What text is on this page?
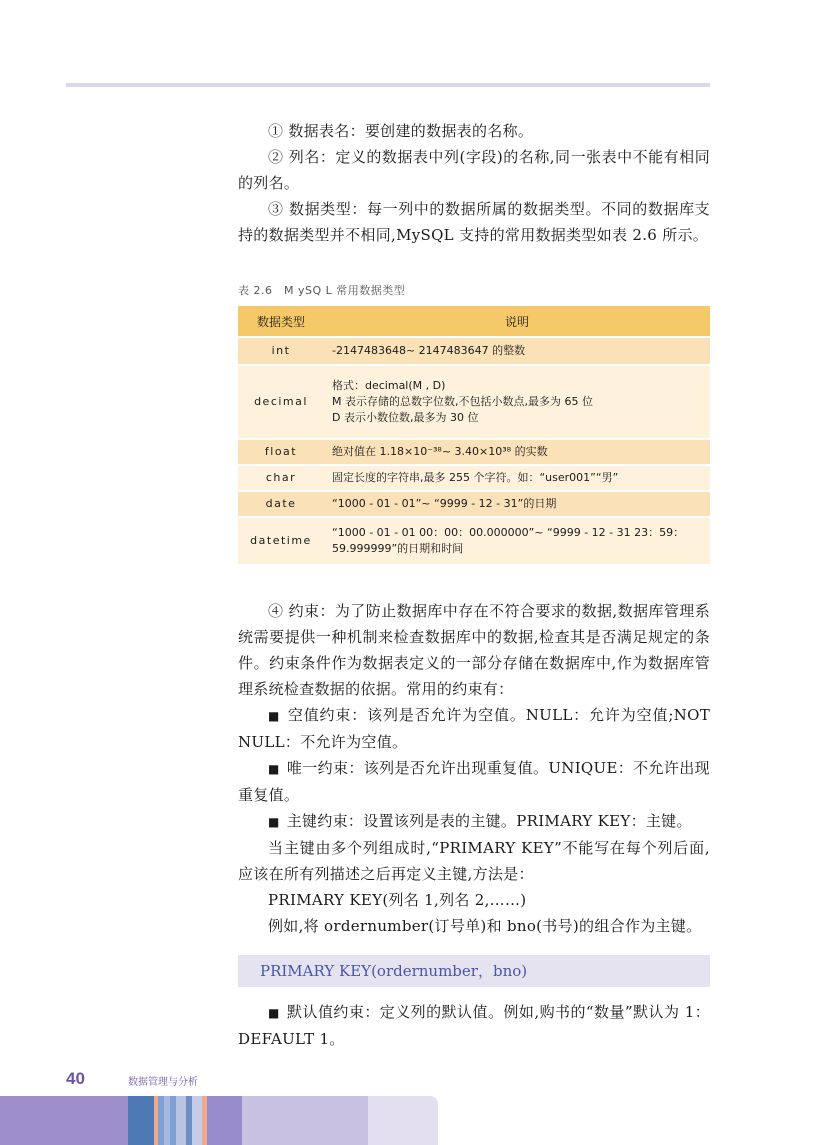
① 数据表名：要创建的数据表的名称。

② 列名：定义的数据表中列(字段)的名称,同一张表中不能有相同的列名。

③ 数据类型：每一列中的数据所属的数据类型。不同的数据库支持的数据类型并不相同,MySQL 支持的常用数据类型如表 2.6 所示。

表 2.6　M ySQ L 常用数据类型
数据类型	说明
int	-2147483648~ 2147483647 的整数
decimal	格式：decimal(M , D)
M 表示存储的总数字位数,不包括小数点,最多为 65 位
D 表示小数位数,最多为 30 位
float	绝对值在 1.18×10⁻³⁸~ 3.40×10³⁸ 的实数
char	固定长度的字符串,最多 255 个字符。如：“user001”“男”
date	“1000 - 01 - 01”~ “9999 - 12 - 31”的日期
datetime	“1000 - 01 - 01 00：00：00.000000”~ “9999 - 12 - 31 23：59：59.999999”的日期和时间

④ 约束：为了防止数据库中存在不符合要求的数据,数据库管理系统需要提供一种机制来检查数据库中的数据,检查其是否满足规定的条件。约束条件作为数据表定义的一部分存储在数据库中,作为数据库管理系统检查数据的依据。常用的约束有：

■ 空值约束：该列是否允许为空值。NULL：允许为空值;NOT NULL：不允许为空值。

■ 唯一约束：该列是否允许出现重复值。UNIQUE：不允许出现重复值。

■ 主键约束：设置该列是表的主键。PRIMARY KEY：主键。

当主键由多个列组成时,“PRIMARY KEY”不能写在每个列后面,应该在所有列描述之后再定义主键,方法是：

PRIMARY KEY(列名 1,列名 2,……)

例如,将 ordernumber(订号单)和 bno(书号)的组合作为主键。

PRIMARY KEY(ordernumber，bno)

■ 默认值约束：定义列的默认值。例如,购书的“数量”默认为 1：DEFAULT 1。

40	数据管理与分析
